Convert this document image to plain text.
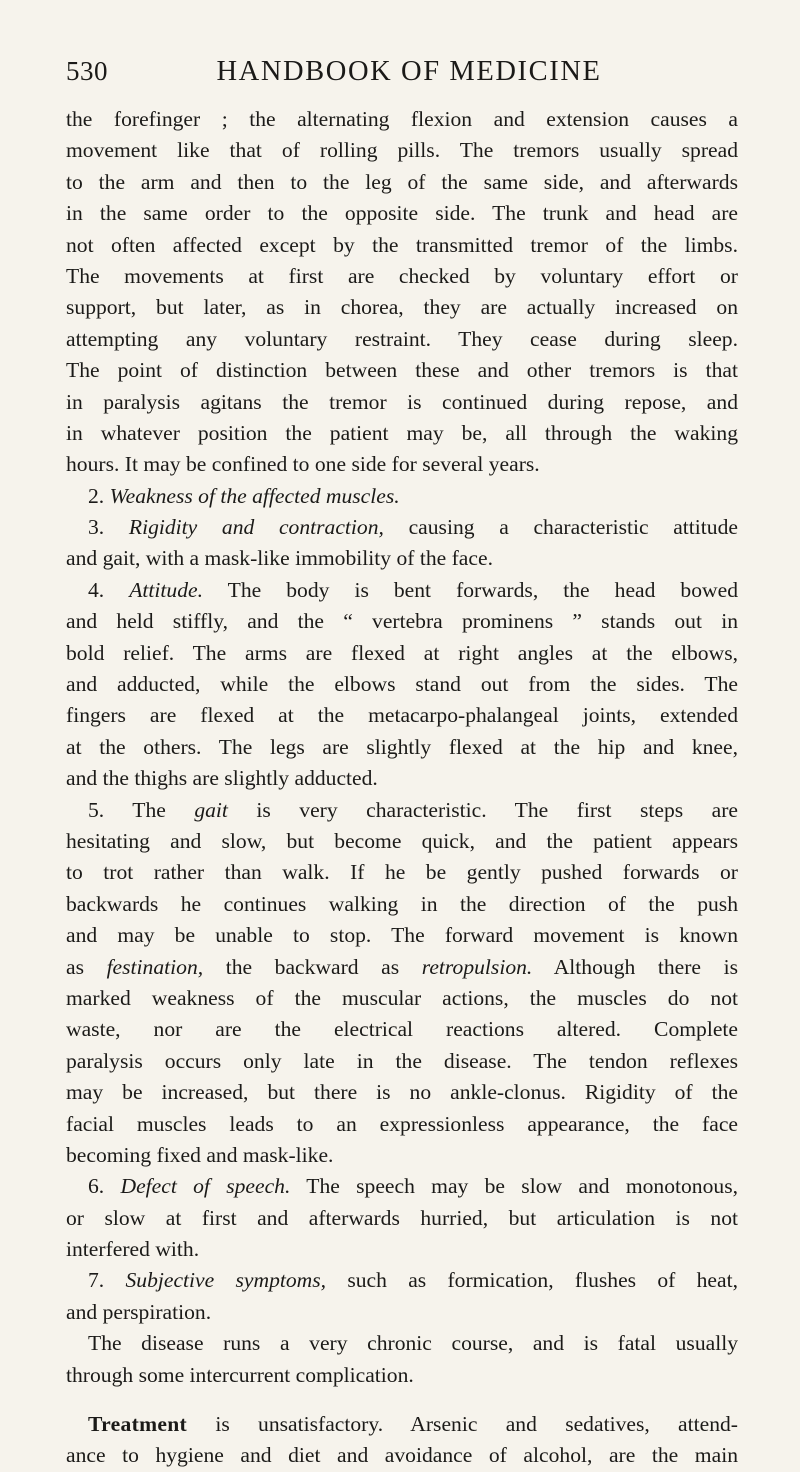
530	HANDBOOK OF MEDICINE
the forefinger ; the alternating flexion and extension causes a
movement like that of rolling pills. The tremors usually spread
to the arm and then to the leg of the same side, and afterwards
in the same order to the opposite side. The trunk and head are
not often affected except by the transmitted tremor of the limbs.
The movements at first are checked by voluntary effort or
support, but later, as in chorea, they are actually increased on
attempting any voluntary restraint. They cease during sleep.
The point of distinction between these and other tremors is that
in paralysis agitans the tremor is continued during repose, and
in whatever position the patient may be, all through the waking
hours. It may be confined to one side for several years.
2. Weakness of the affected muscles.
3. Rigidity and contraction, causing a characteristic attitude
and gait, with a mask-like immobility of the face.
4. Attitude. The body is bent forwards, the head bowed
and held stiffly, and the “ vertebra prominens ” stands out in
bold relief. The arms are flexed at right angles at the elbows,
and adducted, while the elbows stand out from the sides. The
fingers are flexed at the metacarpo-phalangeal joints, extended
at the others. The legs are slightly flexed at the hip and knee,
and the thighs are slightly adducted.
5. The gait is very characteristic. The first steps are
hesitating and slow, but become quick, and the patient appears
to trot rather than walk. If he be gently pushed forwards or
backwards he continues walking in the direction of the push
and may be unable to stop. The forward movement is known
as festination, the backward as retropulsion. Although there is
marked weakness of the muscular actions, the muscles do not
waste, nor are the electrical reactions altered. Complete
paralysis occurs only late in the disease. The tendon reflexes
may be increased, but there is no ankle-clonus. Rigidity of the
facial muscles leads to an expressionless appearance, the face
becoming fixed and mask-like.
6. Defect of speech. The speech may be slow and monotonous,
or slow at first and afterwards hurried, but articulation is not
interfered with.
7. Subjective symptoms, such as formication, flushes of heat,
and perspiration.
The disease runs a very chronic course, and is fatal usually
through some intercurrent complication.
Treatment is unsatisfactory. Arsenic and sedatives, attend-
ance to hygiene and diet and avoidance of alcohol, are the main
